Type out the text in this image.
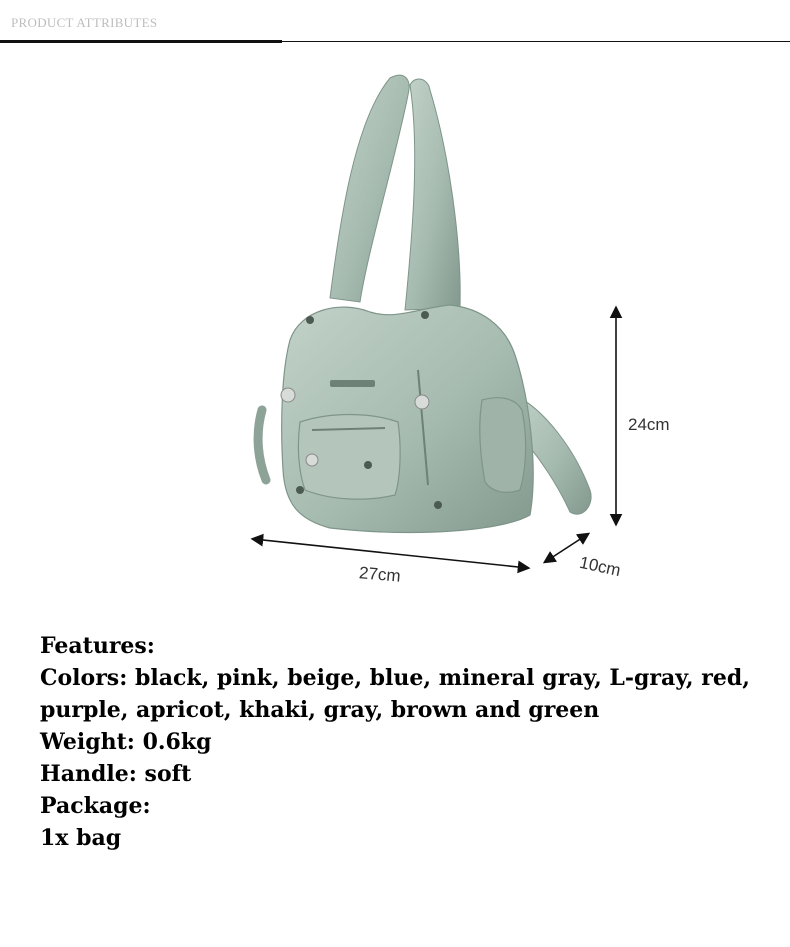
PRODUCT ATTRIBUTES
24cm
27cm	10cm
Features:
Colors: black, pink, beige, blue, mineral gray, L-gray, red, purple, apricot, khaki, gray, brown and green
Weight: 0.6kg
Handle: soft
Package:
1x bag
